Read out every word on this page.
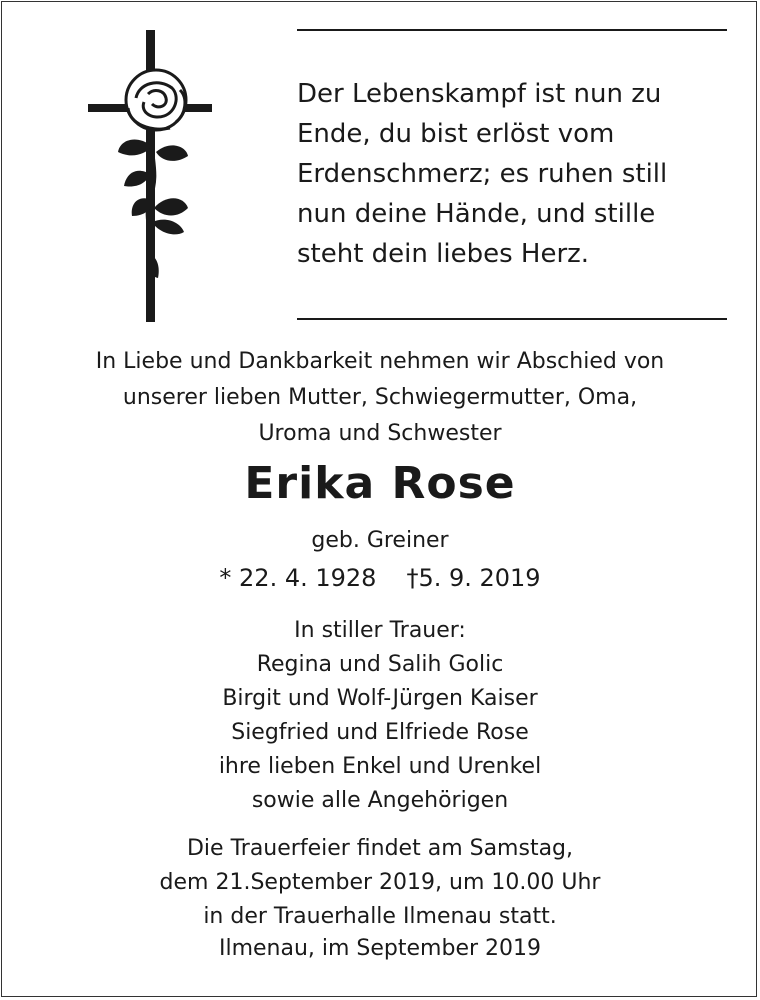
Der Lebenskampf ist nun zu
Ende, du bist erlöst vom
Erdenschmerz; es ruhen still
nun deine Hände, und stille
steht dein liebes Herz.
In Liebe und Dankbarkeit nehmen wir Abschied von
unserer lieben Mutter, Schwiegermutter, Oma,
Uroma und Schwester
Erika Rose
geb. Greiner
* 22. 4. 1928 †5. 9. 2019
In stiller Trauer:
Regina und Salih Golic
Birgit und Wolf-Jürgen Kaiser
Siegfried und Elfriede Rose
ihre lieben Enkel und Urenkel
sowie alle Angehörigen
Die Trauerfeier findet am Samstag,
dem 21.September 2019, um 10.00 Uhr
in der Trauerhalle Ilmenau statt.
Ilmenau, im September 2019
